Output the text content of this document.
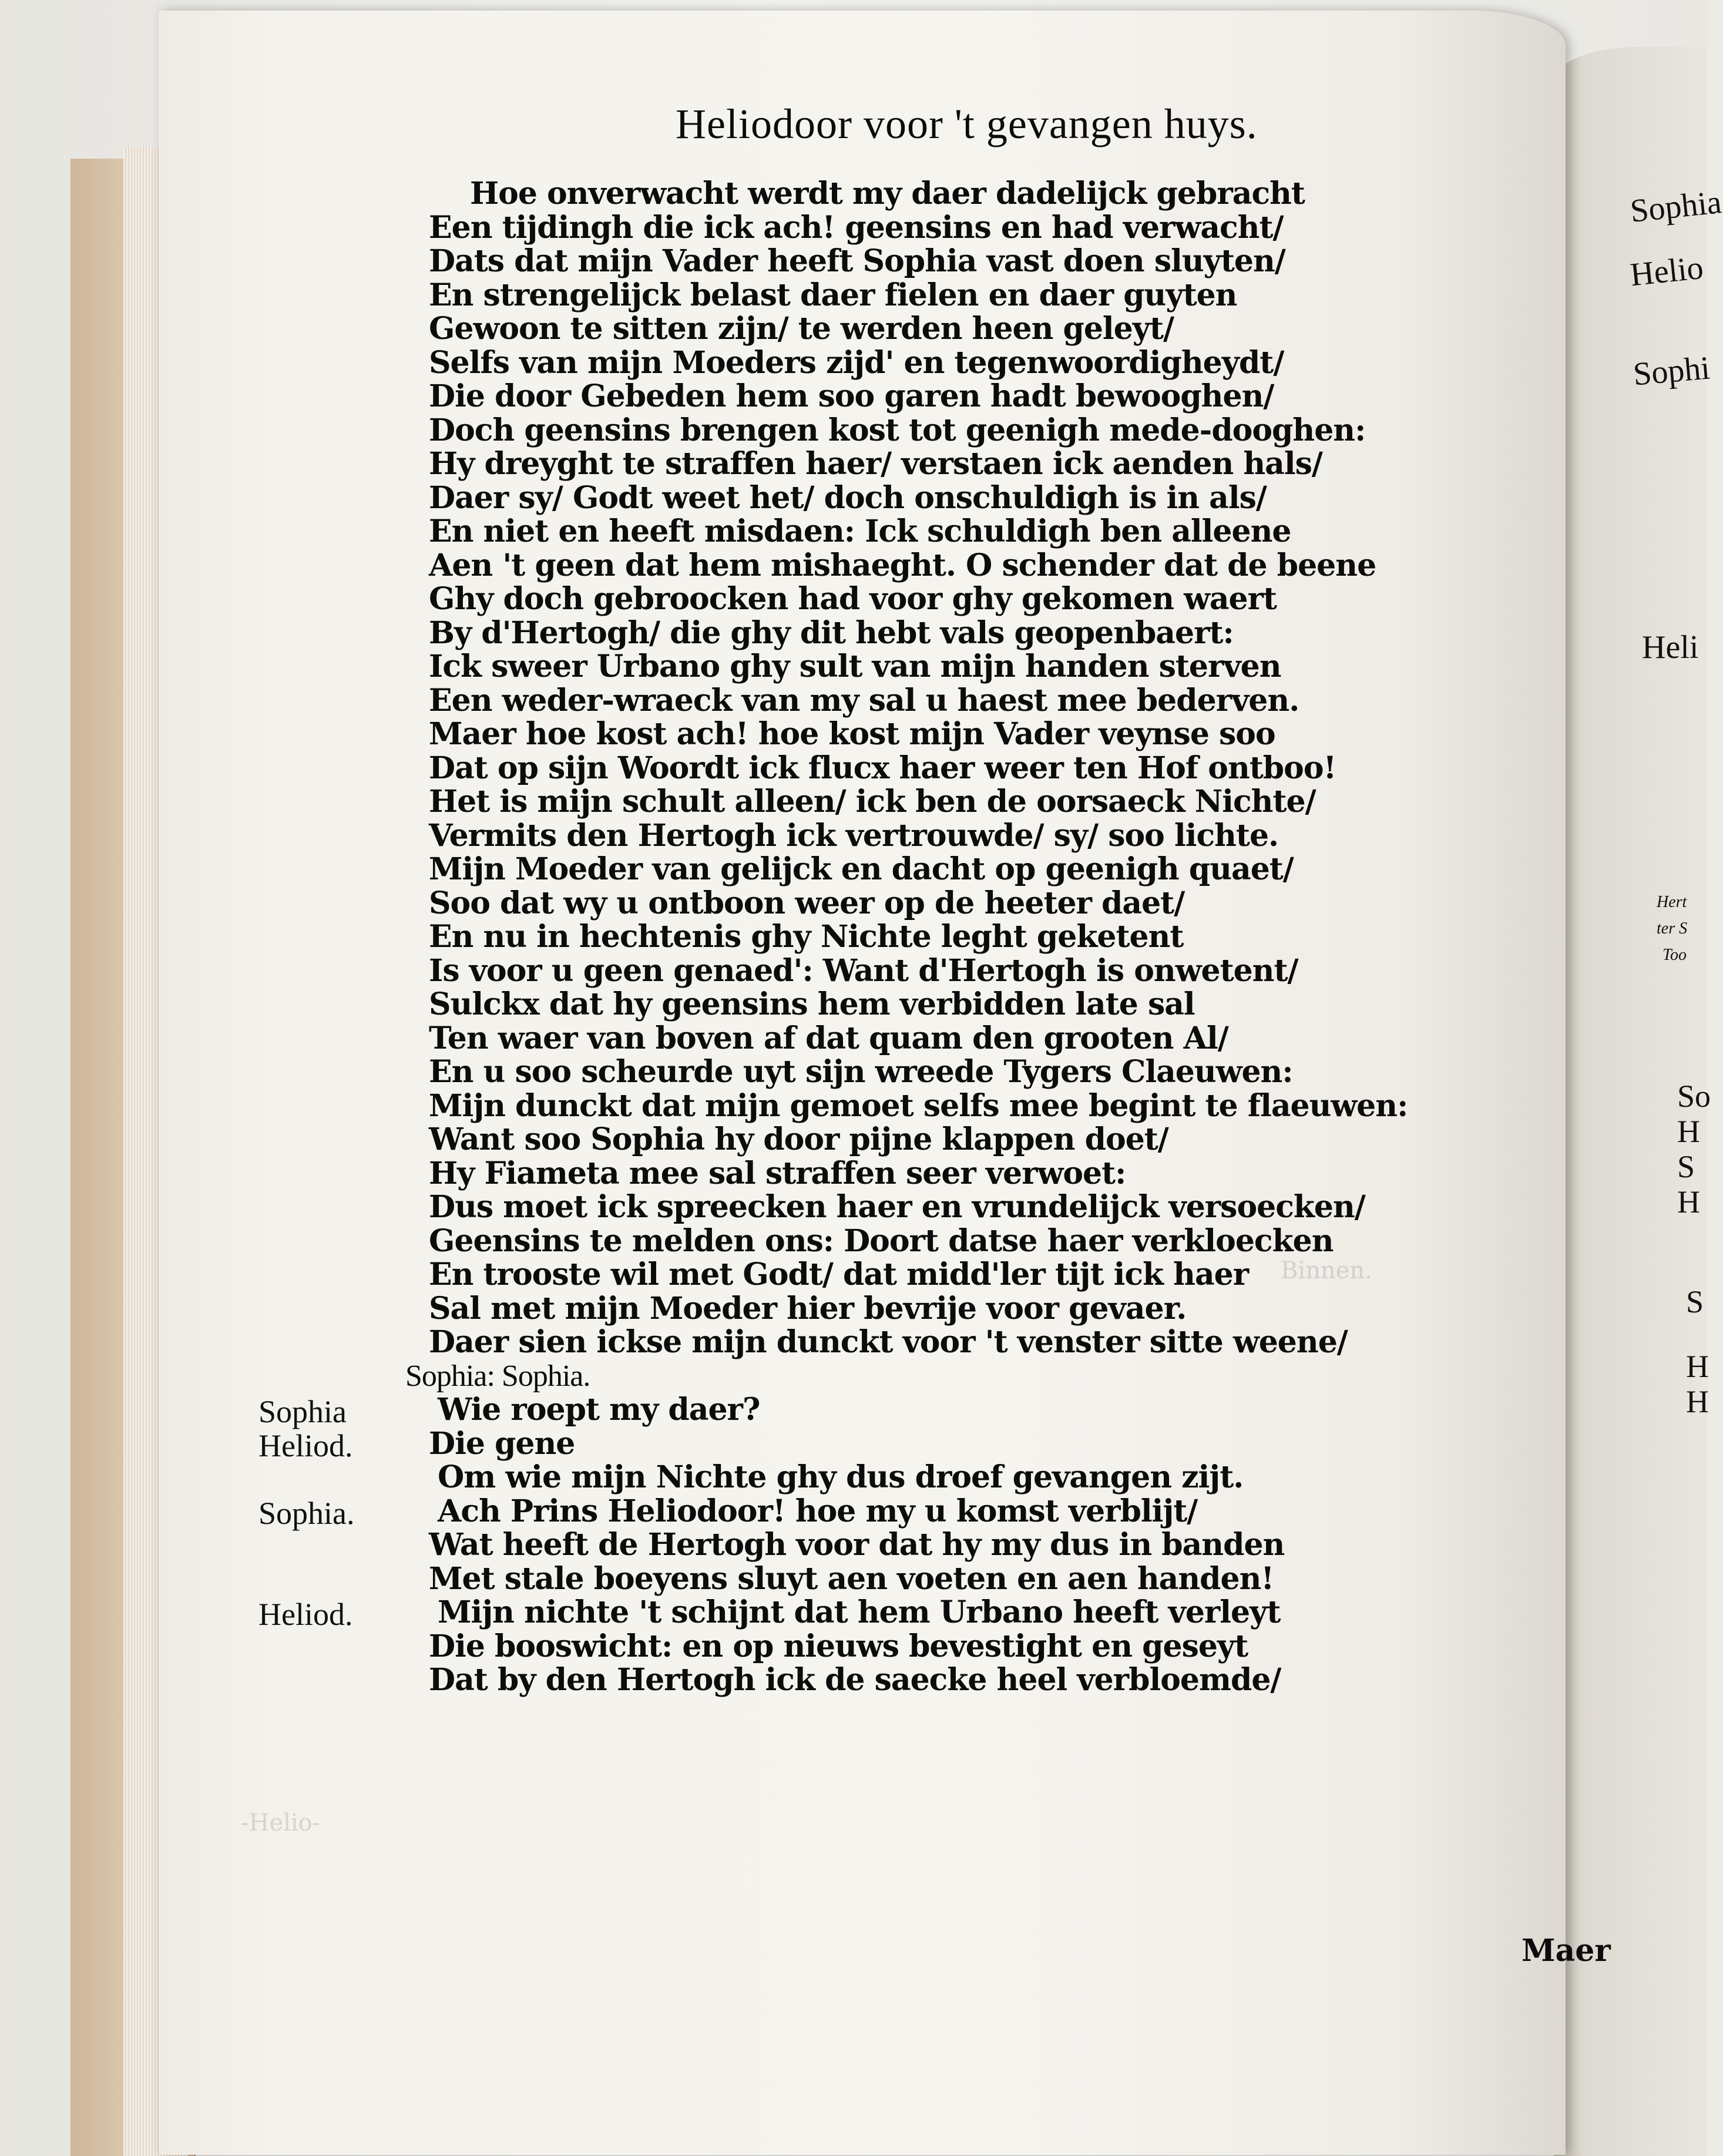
Sophia
Helio
Sophi
Heli
Hert
ter S
Too
So
H
S
H
S
H
H
Binnen.
-Helio-
Heliodoor voor 't gevangen huys.
Hoe onverwacht werdt my daer dadelijck gebracht
Een tijdingh die ick ach! geensins en had verwacht/
Dats dat mijn Vader heeft Sophia vast doen sluyten/
En strengelijck belast daer fielen en daer guyten
Gewoon te sitten zijn/ te werden heen geleyt/
Selfs van mijn Moeders zijd' en tegenwoordigheydt/
Die door Gebeden hem soo garen hadt bewooghen/
Doch geensins brengen kost tot geenigh mede-dooghen:
Hy dreyght te straffen haer/ verstaen ick aenden hals/
Daer sy/ Godt weet het/ doch onschuldigh is in als/
En niet en heeft misdaen: Ick schuldigh ben alleene
Aen 't geen dat hem mishaeght. O schender dat de beene
Ghy doch gebroocken had voor ghy gekomen waert
By d'Hertogh/ die ghy dit hebt vals geopenbaert:
Ick sweer Urbano ghy sult van mijn handen sterven
Een weder-wraeck van my sal u haest mee bederven.
Maer hoe kost ach! hoe kost mijn Vader veynse soo
Dat op sijn Woordt ick flucx haer weer ten Hof ontboo!
Het is mijn schult alleen/ ick ben de oorsaeck Nichte/
Vermits den Hertogh ick vertrouwde/ sy/ soo lichte.
Mijn Moeder van gelijck en dacht op geenigh quaet/
Soo dat wy u ontboon weer op de heeter daet/
En nu in hechtenis ghy Nichte leght geketent
Is voor u geen genaed': Want d'Hertogh is onwetent/
Sulckx dat hy geensins hem verbidden late sal
Ten waer van boven af dat quam den grooten Al/
En u soo scheurde uyt sijn wreede Tygers Claeuwen:
Mijn dunckt dat mijn gemoet selfs mee begint te flaeuwen:
Want soo Sophia hy door pijne klappen doet/
Hy Fiameta mee sal straffen seer verwoet:
Dus moet ick spreecken haer en vrundelijck versoecken/
Geensins te melden ons: Doort datse haer verkloecken
En trooste wil met Godt/ dat midd'ler tijt ick haer
Sal met mijn Moeder hier bevrije voor gevaer.
Daer sien ickse mijn dunckt voor 't venster sitte weene/
Sophia: Sophia.
Wie roept my daer?
Die gene
Om wie mijn Nichte ghy dus droef gevangen zijt.
Ach Prins Heliodoor! hoe my u komst verblijt/
Wat heeft de Hertogh voor dat hy my dus in banden
Met stale boeyens sluyt aen voeten en aen handen!
Mijn nichte 't schijnt dat hem Urbano heeft verleyt
Die booswicht: en op nieuws bevestight en geseyt
Dat by den Hertogh ick de saecke heel verbloemde/
Maer
Sophia
Heliod.
Sophia.
Heliod.
